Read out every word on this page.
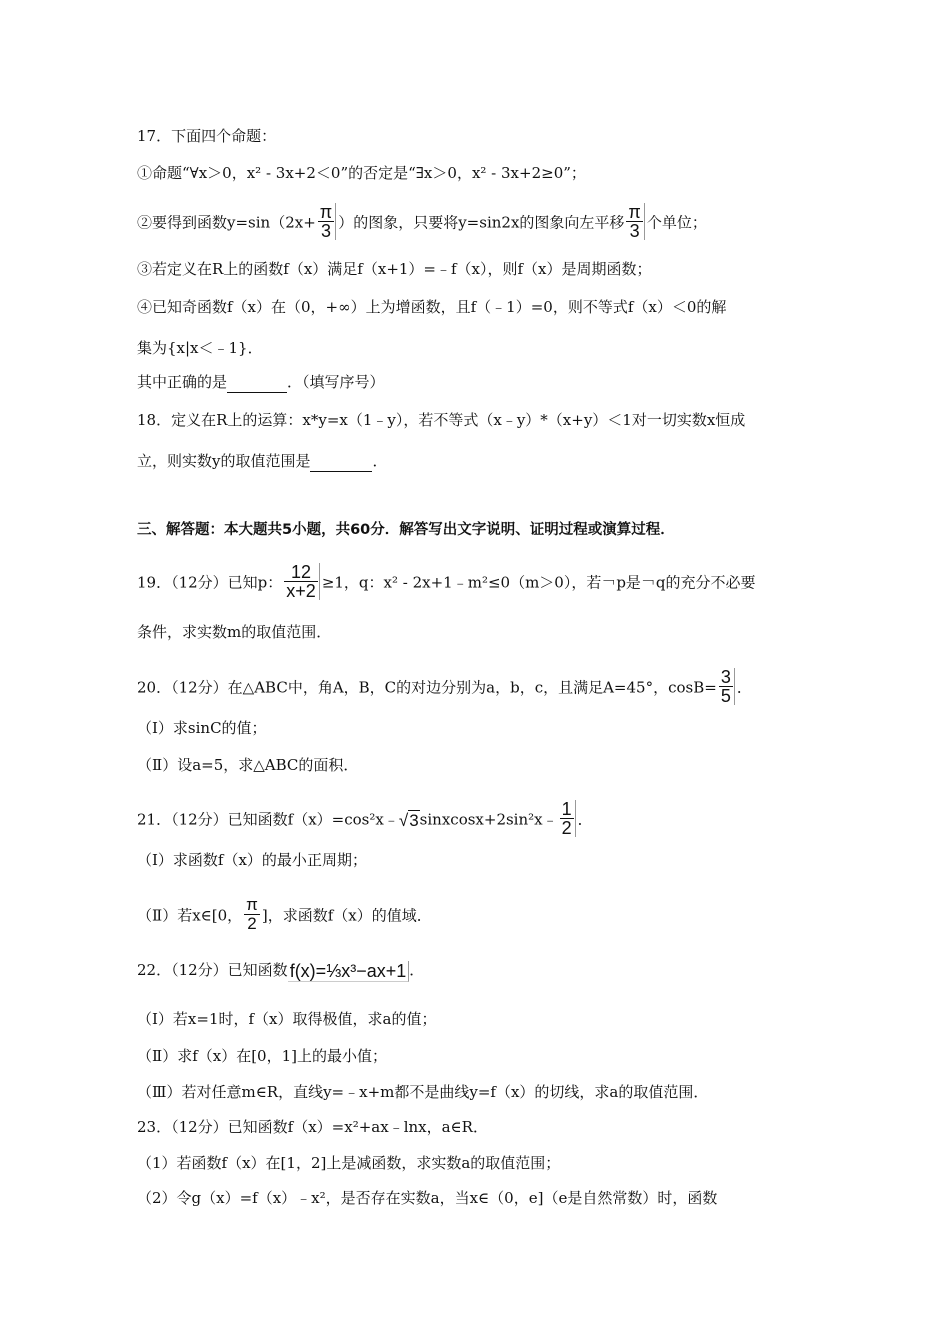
17．下面四个命题：
①命题“∀x＞0，x² - 3x+2＜0”的否定是“∃x＞0，x² - 3x+2≥0”；
②要得到函数$y=\sin(2x+ \frac{\pi}{3}$ ）的图象，只要将y=sin2x的图象向左平移 $\frac{\pi}{3}$ 个单位；
③若定义在R上的函数f（x）满足f（x+1）=﹣f（x），则f（x）是周期函数；
④已知奇函数f（x）在（0，+∞）上为增函数，且f（﹣1）=0，则不等式f（x）＜0的解
集为{x|x＜﹣1}．
其中正确的是	．（填写序号）
18．定义在R上的运算：x*y=x（1﹣y），若不等式（x﹣y）*（x+y）＜1对一切实数x恒成
立，则实数y的取值范围是	．
三、解答题：本大题共5小题，共60分．解答写出文字说明、证明过程或演算过程．
19．（12分）已知p： $\frac{12}{x+2} \ge 1$，q：x² - 2x+1﹣m²≤0（m＞0），若￢p是￢q的充分不必要
条件，求实数m的取值范围．
20．（12分）在△ABC中，角A，B，C的对边分别为a，b，c，且满足A=45°，$\cos B= \frac{3}{5}$ ．
（Ⅰ）求sinC的值；
（Ⅱ）设a=5，求△ABC的面积．
21．（12分）已知函数f（x）=cos²x﹣√3sinxcosx+2sin²x﹣ $\frac{1}{2}$ ．
（Ⅰ）求函数f（x）的最小正周期；
（Ⅱ）若x∈[0， $\frac{\pi}{2}$ ]，求函数f（x）的值域．
22．（12分）已知函数 f(x)=⅓x³−ax+1 ．
（Ⅰ）若x=1时，f（x）取得极值，求a的值；
（Ⅱ）求f（x）在[0，1]上的最小值；
（Ⅲ）若对任意m∈R，直线y=﹣x+m都不是曲线y=f（x）的切线，求a的取值范围．
23．（12分）已知函数f（x）=x²+ax﹣lnx，a∈R．
（1）若函数f（x）在[1，2]上是减函数，求实数a的取值范围；
（2）令g（x）=f（x）﹣x²，是否存在实数a，当x∈（0，e]（e是自然常数）时，函数
